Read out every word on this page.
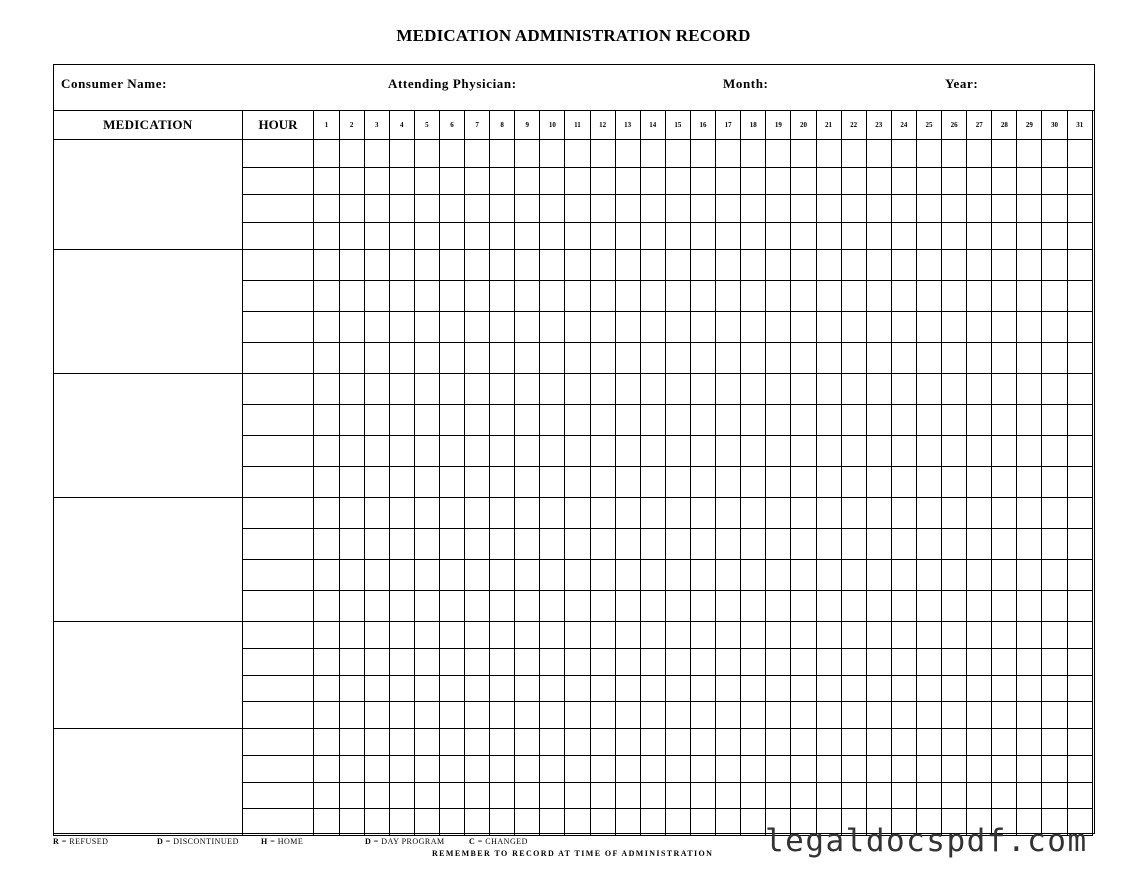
MEDICATION ADMINISTRATION RECORD
Consumer Name:	Attending Physician:	Month:	Year:
MEDICATION	HOUR	1	2	3	4	5	6	7	8	9	10	11	12	13	14	15	16	17	18	19	20	21	22	23	24	25	26	27	28	29	30	31

R = REFUSED	D = DISCONTINUED	H = HOME	D = DAY PROGRAM	C = CHANGED
REMEMBER TO RECORD AT TIME OF ADMINISTRATION legaldocspdf.com
